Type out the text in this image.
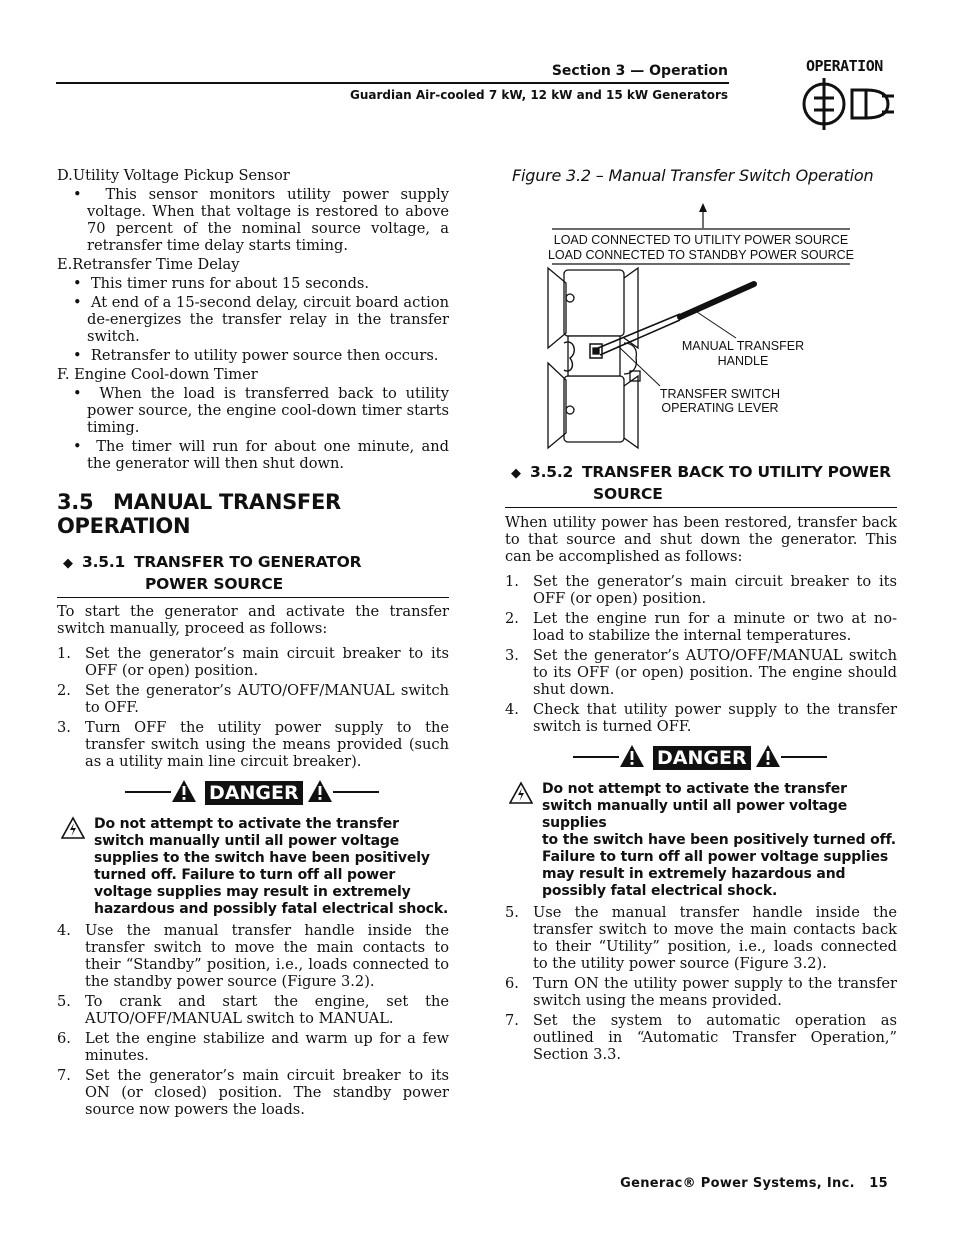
Section 3 — Operation
Guardian Air-cooled 7 kW, 12 kW and 15 kW Generators
OPERATION

D.Utility Voltage Pickup Sensor

•  This sensor monitors utility power supply voltage. When that voltage is restored to above 70 percent of the nominal source voltage, a retransfer time delay starts timing.

E.Retransfer Time Delay

•  This timer runs for about 15 seconds.

•  At end of a 15-second delay, circuit board action de-energizes the transfer relay in the transfer switch.

•  Retransfer to utility power source then occurs.

F. Engine Cool-down Timer

•  When the load is transferred back to utility power source, the engine cool-down timer starts timing.

•  The timer will run for about one minute, and the generator will then shut down.

3.5 MANUAL TRANSFER OPERATION
◆ 3.5.1 TRANSFER TO GENERATOR
POWER SOURCE

To start the generator and activate the transfer switch manually, proceed as follows:

1. Set the generator’s main circuit breaker to its OFF (or open) position.

2. Set the generator’s AUTO/OFF/MANUAL switch to OFF.

3. Turn OFF the utility power supply to the transfer switch using the means provided (such as a utility main line circuit breaker).

DANGER
Do not attempt to activate the transfer switch manually until all power voltage supplies to the switch have been positively turned off. Failure to turn off all power voltage supplies may result in extremely hazardous and possibly fatal electrical shock.

4. Use the manual transfer handle inside the transfer switch to move the main contacts to their “Standby” position, i.e., loads connected to the standby power source (Figure 3.2).

5. To crank and start the engine, set the AUTO/OFF/MANUAL switch to MANUAL.

6. Let the engine stabilize and warm up for a few minutes.

7. Set the generator’s main circuit breaker to its ON (or closed) position. The standby power source now powers the loads.

Figure 3.2 – Manual Transfer Switch Operation
LOAD CONNECTED TO UTILITY POWER SOURCE
LOAD CONNECTED TO STANDBY POWER SOURCE
MANUAL TRANSFER
HANDLE
TRANSFER SWITCH
OPERATING LEVER
◆ 3.5.2 TRANSFER BACK TO UTILITY POWER
SOURCE

When utility power has been restored, transfer back to that source and shut down the generator. This can be accomplished as follows:

1. Set the generator’s main circuit breaker to its OFF (or open) position.

2. Let the engine run for a minute or two at no-load to stabilize the internal temperatures.

3. Set the generator’s AUTO/OFF/MANUAL switch to its OFF (or open) position. The engine should shut down.

4. Check that utility power supply to the transfer switch is turned OFF.

DANGER
Do not attempt to activate the transfer switch manually until all power voltage supplies
to the switch have been positively turned off. Failure to turn off all power voltage supplies may result in extremely hazardous and possibly fatal electrical shock.

5. Use the manual transfer handle inside the transfer switch to move the main contacts back to their “Utility” position, i.e., loads connected to the utility power source (Figure 3.2).

6. Turn ON the utility power supply to the transfer switch using the means provided.

7. Set the system to automatic operation as outlined in “Automatic Transfer Operation,” Section 3.3.

Generac® Power Systems, Inc. 15
